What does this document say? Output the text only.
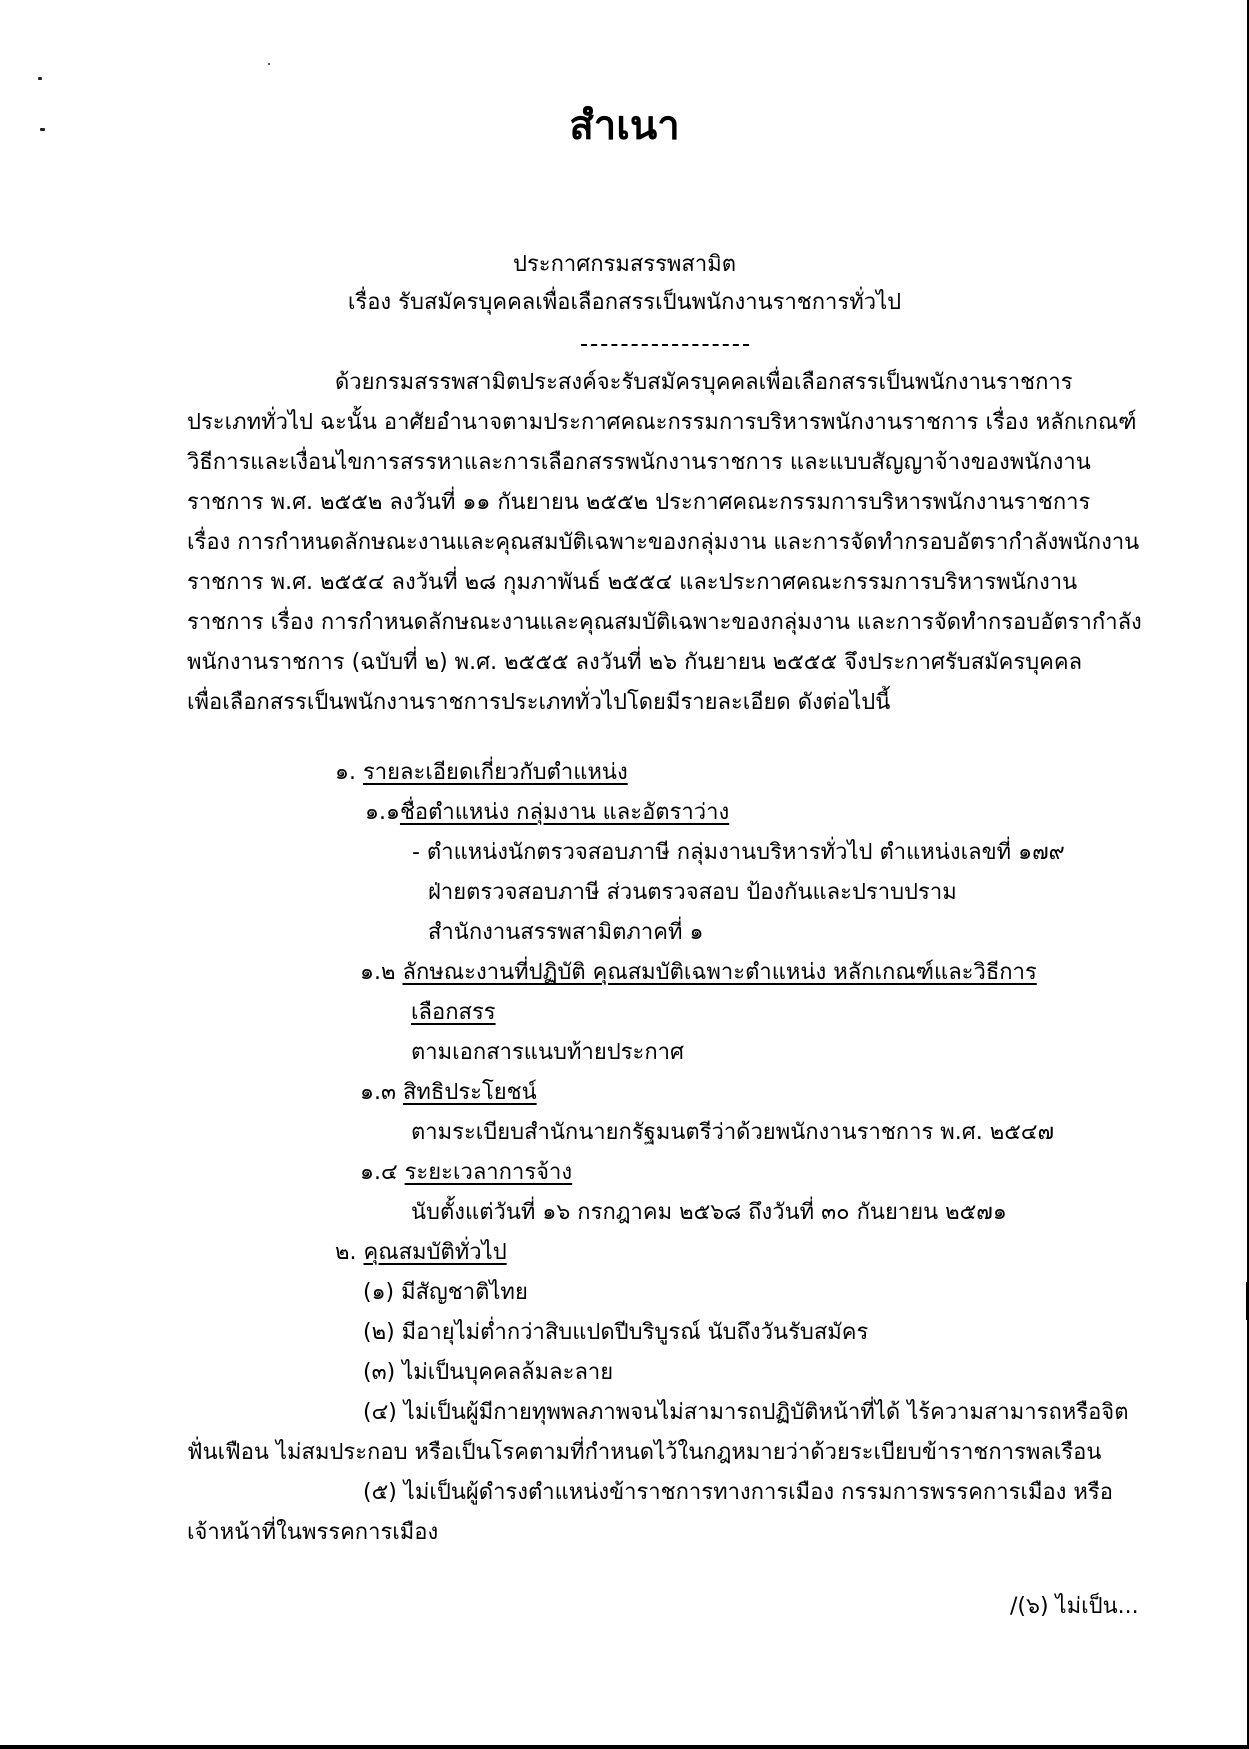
สำเนา
ประกาศกรมสรรพสามิต
เรื่อง รับสมัครบุคคลเพื่อเลือกสรรเป็นพนักงานราชการทั่วไป
ด้วยกรมสรรพสามิตประสงค์จะรับสมัครบุคคลเพื่อเลือกสรรเป็นพนักงานราชการ
ประเภททั่วไป ฉะนั้น อาศัยอำนาจตามประกาศคณะกรรมการบริหารพนักงานราชการ เรื่อง หลักเกณฑ์
วิธีการและเงื่อนไขการสรรหาและการเลือกสรรพนักงานราชการ และแบบสัญญาจ้างของพนักงาน
ราชการ พ.ศ. ๒๕๕๒ ลงวันที่ ๑๑ กันยายน ๒๕๕๒ ประกาศคณะกรรมการบริหารพนักงานราชการ
เรื่อง การกำหนดลักษณะงานและคุณสมบัติเฉพาะของกลุ่มงาน และการจัดทำกรอบอัตรากำลังพนักงาน
ราชการ พ.ศ. ๒๕๕๔ ลงวันที่ ๒๘ กุมภาพันธ์ ๒๕๕๔ และประกาศคณะกรรมการบริหารพนักงาน
ราชการ เรื่อง การกำหนดลักษณะงานและคุณสมบัติเฉพาะของกลุ่มงาน และการจัดทำกรอบอัตรากำลัง
พนักงานราชการ (ฉบับที่ ๒) พ.ศ. ๒๕๕๕ ลงวันที่ ๒๖ กันยายน ๒๕๕๕ จึงประกาศรับสมัครบุคคล
เพื่อเลือกสรรเป็นพนักงานราชการประเภททั่วไปโดยมีรายละเอียด ดังต่อไปนี้
๑. รายละเอียดเกี่ยวกับตำแหน่ง
๑.๑ชื่อตำแหน่ง กลุ่มงาน และอัตราว่าง
- ตำแหน่งนักตรวจสอบภาษี กลุ่มงานบริหารทั่วไป ตำแหน่งเลขที่ ๑๗๙
ฝ่ายตรวจสอบภาษี ส่วนตรวจสอบ ป้องกันและปราบปราม
สำนักงานสรรพสามิตภาคที่ ๑
๑.๒ ลักษณะงานที่ปฏิบัติ คุณสมบัติเฉพาะตำแหน่ง หลักเกณฑ์และวิธีการ
เลือกสรร
ตามเอกสารแนบท้ายประกาศ
๑.๓ สิทธิประโยชน์
ตามระเบียบสำนักนายกรัฐมนตรีว่าด้วยพนักงานราชการ พ.ศ. ๒๕๔๗
๑.๔ ระยะเวลาการจ้าง
นับตั้งแต่วันที่ ๑๖ กรกฎาคม ๒๕๖๘ ถึงวันที่ ๓๐ กันยายน ๒๕๗๑
๒. คุณสมบัติทั่วไป
(๑) มีสัญชาติไทย
(๒) มีอายุไม่ต่ำกว่าสิบแปดปีบริบูรณ์ นับถึงวันรับสมัคร
(๓) ไม่เป็นบุคคลล้มละลาย
(๔) ไม่เป็นผู้มีกายทุพพลภาพจนไม่สามารถปฏิบัติหน้าที่ได้ ไร้ความสามารถหรือจิต
ฟั่นเฟือน ไม่สมประกอบ หรือเป็นโรคตามที่กำหนดไว้ในกฎหมายว่าด้วยระเบียบข้าราชการพลเรือน
(๕) ไม่เป็นผู้ดำรงตำแหน่งข้าราชการทางการเมือง กรรมการพรรคการเมือง หรือ
เจ้าหน้าที่ในพรรคการเมือง
/(๖) ไม่เป็น...
